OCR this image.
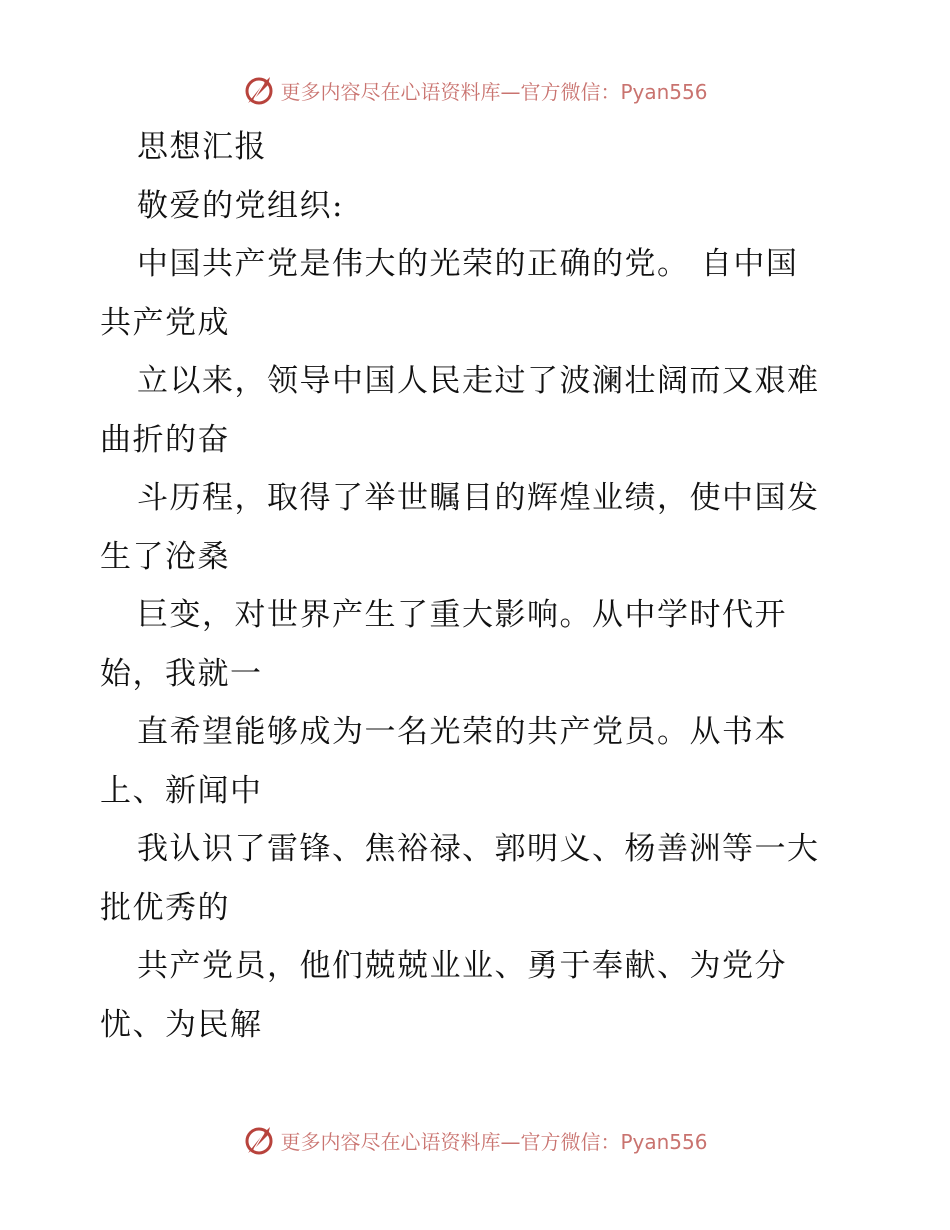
更多内容尽在心语资料库—官方微信：Pyan556
思想汇报
敬爱的党组织:
中国共产党是伟大的光荣的正确的党。 自中国
共产党成
立以来，领导中国人民走过了波澜壮阔而又艰难
曲折的奋
斗历程，取得了举世瞩目的辉煌业绩，使中国发
生了沧桑
巨变，对世界产生了重大影响。从中学时代开
始，我就一
直希望能够成为一名光荣的共产党员。从书本
上、新闻中
我认识了雷锋、焦裕禄、郭明义、杨善洲等一大
批优秀的
共产党员，他们兢兢业业、勇于奉献、为党分
忧、为民解
更多内容尽在心语资料库—官方微信：Pyan556
